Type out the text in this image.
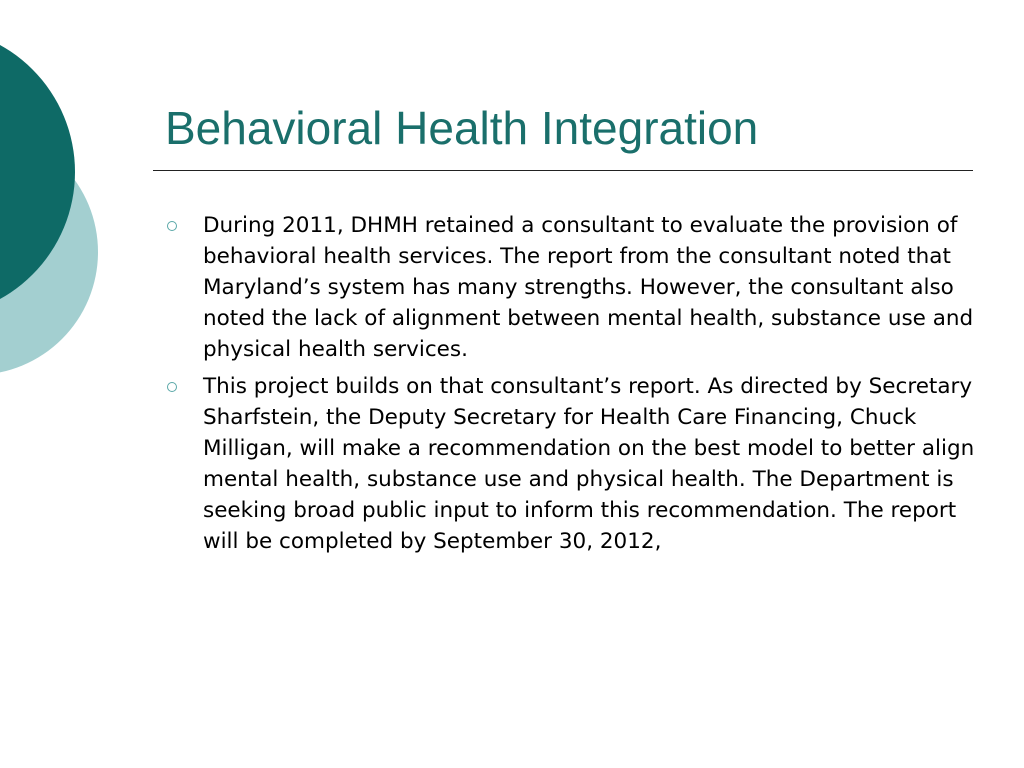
Behavioral Health Integration
During 2011, DHMH retained a consultant to evaluate the provision of behavioral health services. The report from the consultant noted that Maryland’s system has many strengths. However, the consultant also noted the lack of alignment between mental health, substance use and physical health services.
This project builds on that consultant’s report. As directed by Secretary Sharfstein, the Deputy Secretary for Health Care Financing, Chuck Milligan, will make a recommendation on the best model to better align mental health, substance use and physical health. The Department is seeking broad public input to inform this recommendation. The report will be completed by September 30, 2012,
